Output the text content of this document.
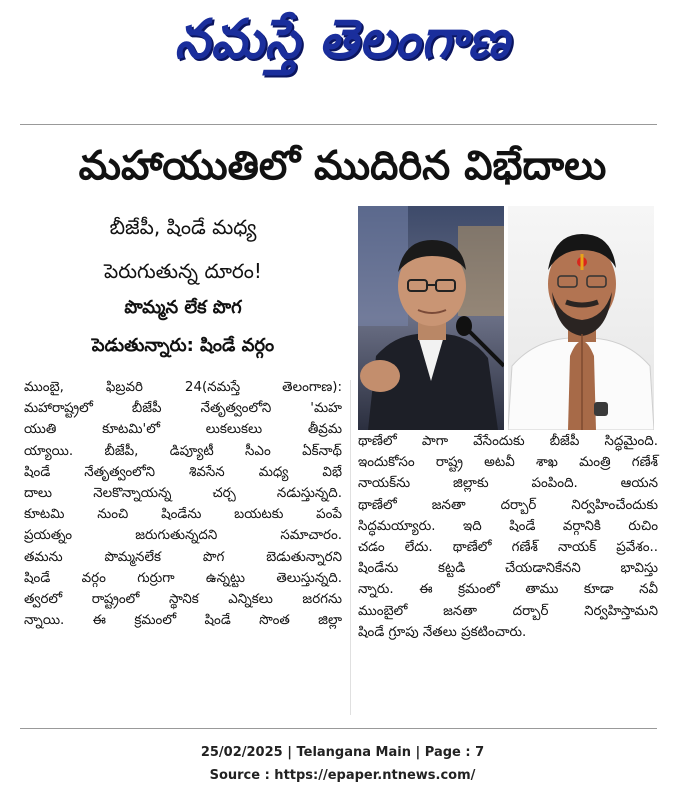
నమస్తే తెలంగాణ
మహాయుతిలో ముదిరిన విభేదాలు
బీజేపీ, షిండే మధ్య
పెరుగుతున్న దూరం!
పొమ్మన లేక పొగ
పెడుతున్నారు: షిండే వర్గం
ముంబై, ఫిబ్రవరి 24(నమస్తే తెలంగాణ):
మహారాష్ట్రలో బీజేపీ నేతృత్వంలోని 'మహ
యుతి కూటమి'లో లుకలుకలు తీవ్రమ
య్యాయి. బీజేపీ, డిప్యూటీ సీఎం ఏక్‌నాథ్
షిండే నేతృత్వంలోని శివసేన మధ్య విభే
దాలు నెలకొన్నాయన్న చర్చ నడుస్తున్నది.
కూటమి నుంచి షిండేను బయటకు పంపే
ప్రయత్నం జరుగుతున్నదని సమాచారం.
తమను పొమ్మనలేక పొగ బెడుతున్నారని
షిండే వర్గం గుర్రుగా ఉన్నట్టు తెలుస్తున్నది.
త్వరలో రాష్ట్రంలో స్థానిక ఎన్నికలు జరగను
న్నాయి. ఈ క్రమంలో షిండే సొంత జిల్లా
థాణేలో పాగా వేసేందుకు బీజేపీ సిద్ధమైంది.
ఇందుకోసం రాష్ట్ర అటవీ శాఖ మంత్రి గణేశ్
నాయక్‌ను జిల్లాకు పంపింది. ఆయన
థాణేలో జనతా దర్బార్ నిర్వహించేందుకు
సిద్ధమయ్యారు. ఇది షిండే వర్గానికి రుచిం
చడం లేదు. థాణేలో గణేశ్ నాయక్ ప్రవేశం..
షిండేను కట్టడి చేయడానికేనని భావిస్తు
న్నారు. ఈ క్రమంలో తాము కూడా నవీ
ముంబైలో జనతా దర్బార్ నిర్వహిస్తామని
షిండే గ్రూపు నేతలు ప్రకటించారు.
25/02/2025 | Telangana Main | Page : 7
Source : https://epaper.ntnews.com/
